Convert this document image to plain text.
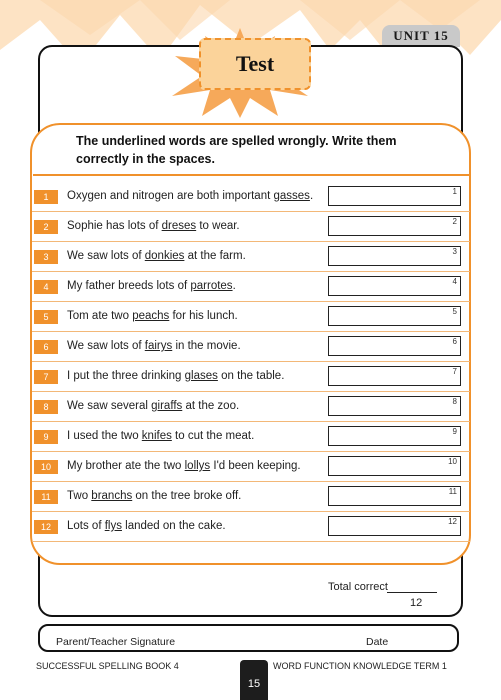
UNIT 15
Test
The underlined words are spelled wrongly. Write them
correctly in the spaces.
1	Oxygen and nitrogen are both important gasses.	1
2	Sophie has lots of dreses to wear.	2
3	We saw lots of donkies at the farm.	3
4	My father breeds lots of parrotes.	4
5	Tom ate two peachs for his lunch.	5
6	We saw lots of fairys in the movie.	6
7	I put the three drinking glases on the table.	7
8	We saw several giraffs at the zoo.	8
9	I used the two knifes to cut the meat.	9
10	My brother ate the two lollys I'd been keeping.	10
11	Two branchs on the tree broke off.	11
12	Lots of flys landed on the cake.	12
Total correct
12
Parent/Teacher Signature	Date
SUCCESSFUL SPELLING BOOK 4
15
WORD FUNCTION KNOWLEDGE TERM 1
